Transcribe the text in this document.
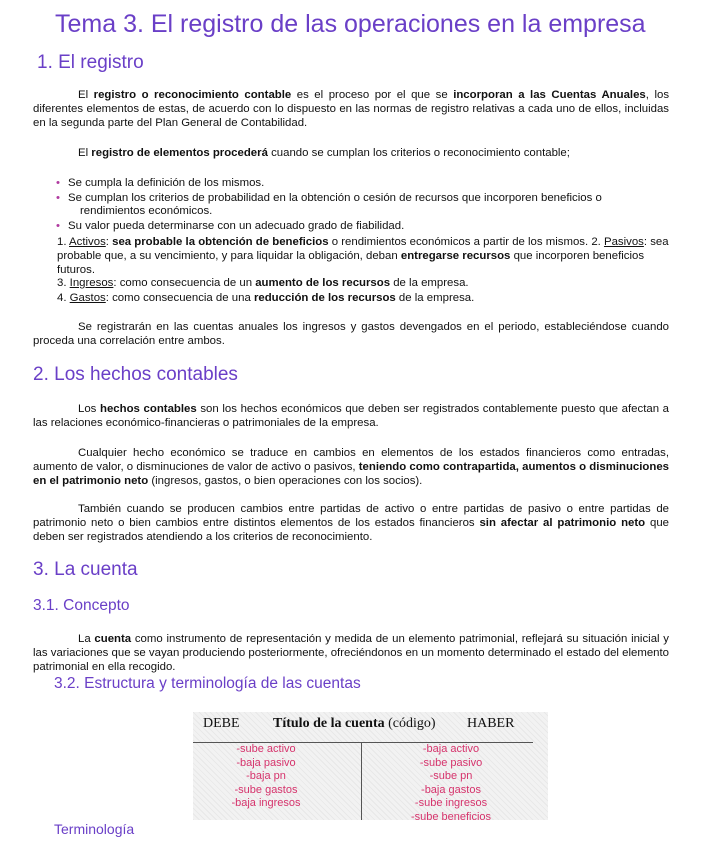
Tema 3. El registro de las operaciones en la empresa
1. El registro
El registro o reconocimiento contable es el proceso por el que se incorporan a las Cuentas Anuales, los diferentes elementos de estas, de acuerdo con lo dispuesto en las normas de registro relativas a cada uno de ellos, incluidas en la segunda parte del Plan General de Contabilidad.
El registro de elementos procederá cuando se cumplan los criterios o reconocimiento contable;
• Se cumpla la definición de los mismos.
• Se cumplan los criterios de probabilidad en la obtención o cesión de recursos que incorporen beneficios o
rendimientos económicos.
• Su valor pueda determinarse con un adecuado grado de fiabilidad.
1. Activos: sea probable la obtención de beneficios o rendimientos económicos a partir de los mismos. 2. Pasivos: sea probable que, a su vencimiento, y para liquidar la obligación, deban entregarse recursos que incorporen beneficios futuros.
3. Ingresos: como consecuencia de un aumento de los recursos de la empresa.
4. Gastos: como consecuencia de una reducción de los recursos de la empresa.
Se registrarán en las cuentas anuales los ingresos y gastos devengados en el periodo, estableciéndose cuando proceda una correlación entre ambos.
2. Los hechos contables
Los hechos contables son los hechos económicos que deben ser registrados contablemente puesto que afectan a las relaciones económico-financieras o patrimoniales de la empresa.
Cualquier hecho económico se traduce en cambios en elementos de los estados financieros como entradas, aumento de valor, o disminuciones de valor de activo o pasivos, teniendo como contrapartida, aumentos o disminuciones en el patrimonio neto (ingresos, gastos, o bien operaciones con los socios).
También cuando se producen cambios entre partidas de activo o entre partidas de pasivo o entre partidas de patrimonio neto o bien cambios entre distintos elementos de los estados financieros sin afectar al patrimonio neto que deben ser registrados atendiendo a los criterios de reconocimiento.
3. La cuenta
3.1. Concepto
La cuenta como instrumento de representación y medida de un elemento patrimonial, reflejará su situación inicial y las variaciones que se vayan produciendo posteriormente, ofreciéndonos en un momento determinado el estado del elemento patrimonial en ella recogido.
3.2. Estructura y terminología de las cuentas
DEBE Título de la cuenta (código) HABER
-sube activo
-baja pasivo
-baja pn
-sube gastos
-baja ingresos
-baja activo
-sube pasivo
-sube pn
-baja gastos
-sube ingresos
-sube beneficios
Terminología
